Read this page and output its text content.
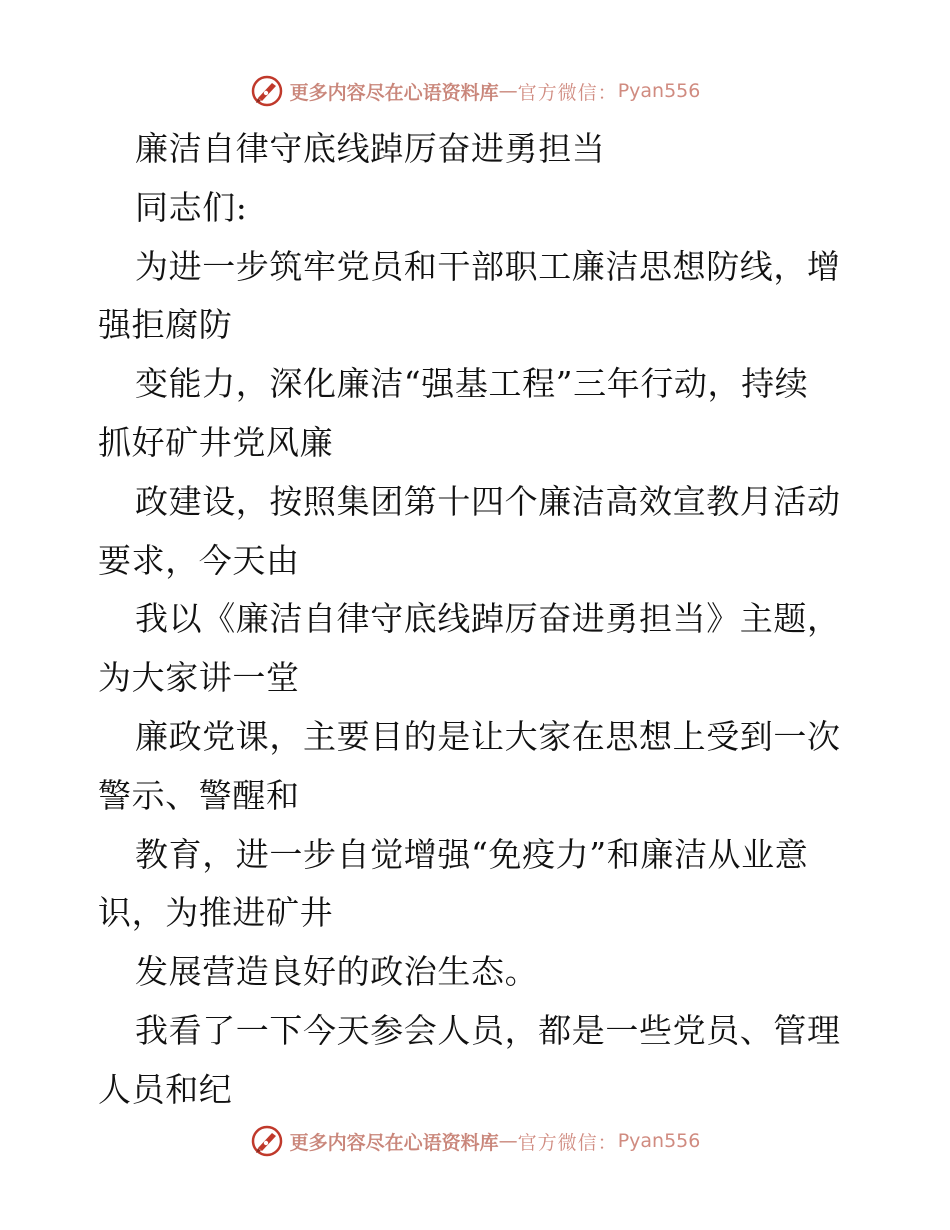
更多内容尽在心语资料库 — 官方微信： Pyan556

廉洁自律守底线踔厉奋进勇担当

同志们:

为进一步筑牢党员和干部职工廉洁思想防线，增

强拒腐防

变能力，深化廉洁“强基工程”三年行动，持续

抓好矿井党风廉

政建设，按照集团第十四个廉洁高效宣教月活动

要求，今天由

我以《廉洁自律守底线踔厉奋进勇担当》主题，

为大家讲一堂

廉政党课，主要目的是让大家在思想上受到一次

警示、警醒和

教育，进一步自觉增强“免疫力”和廉洁从业意

识，为推进矿井

发展营造良好的政治生态。

我看了一下今天参会人员，都是一些党员、管理

人员和纪

更多内容尽在心语资料库 — 官方微信： Pyan556
